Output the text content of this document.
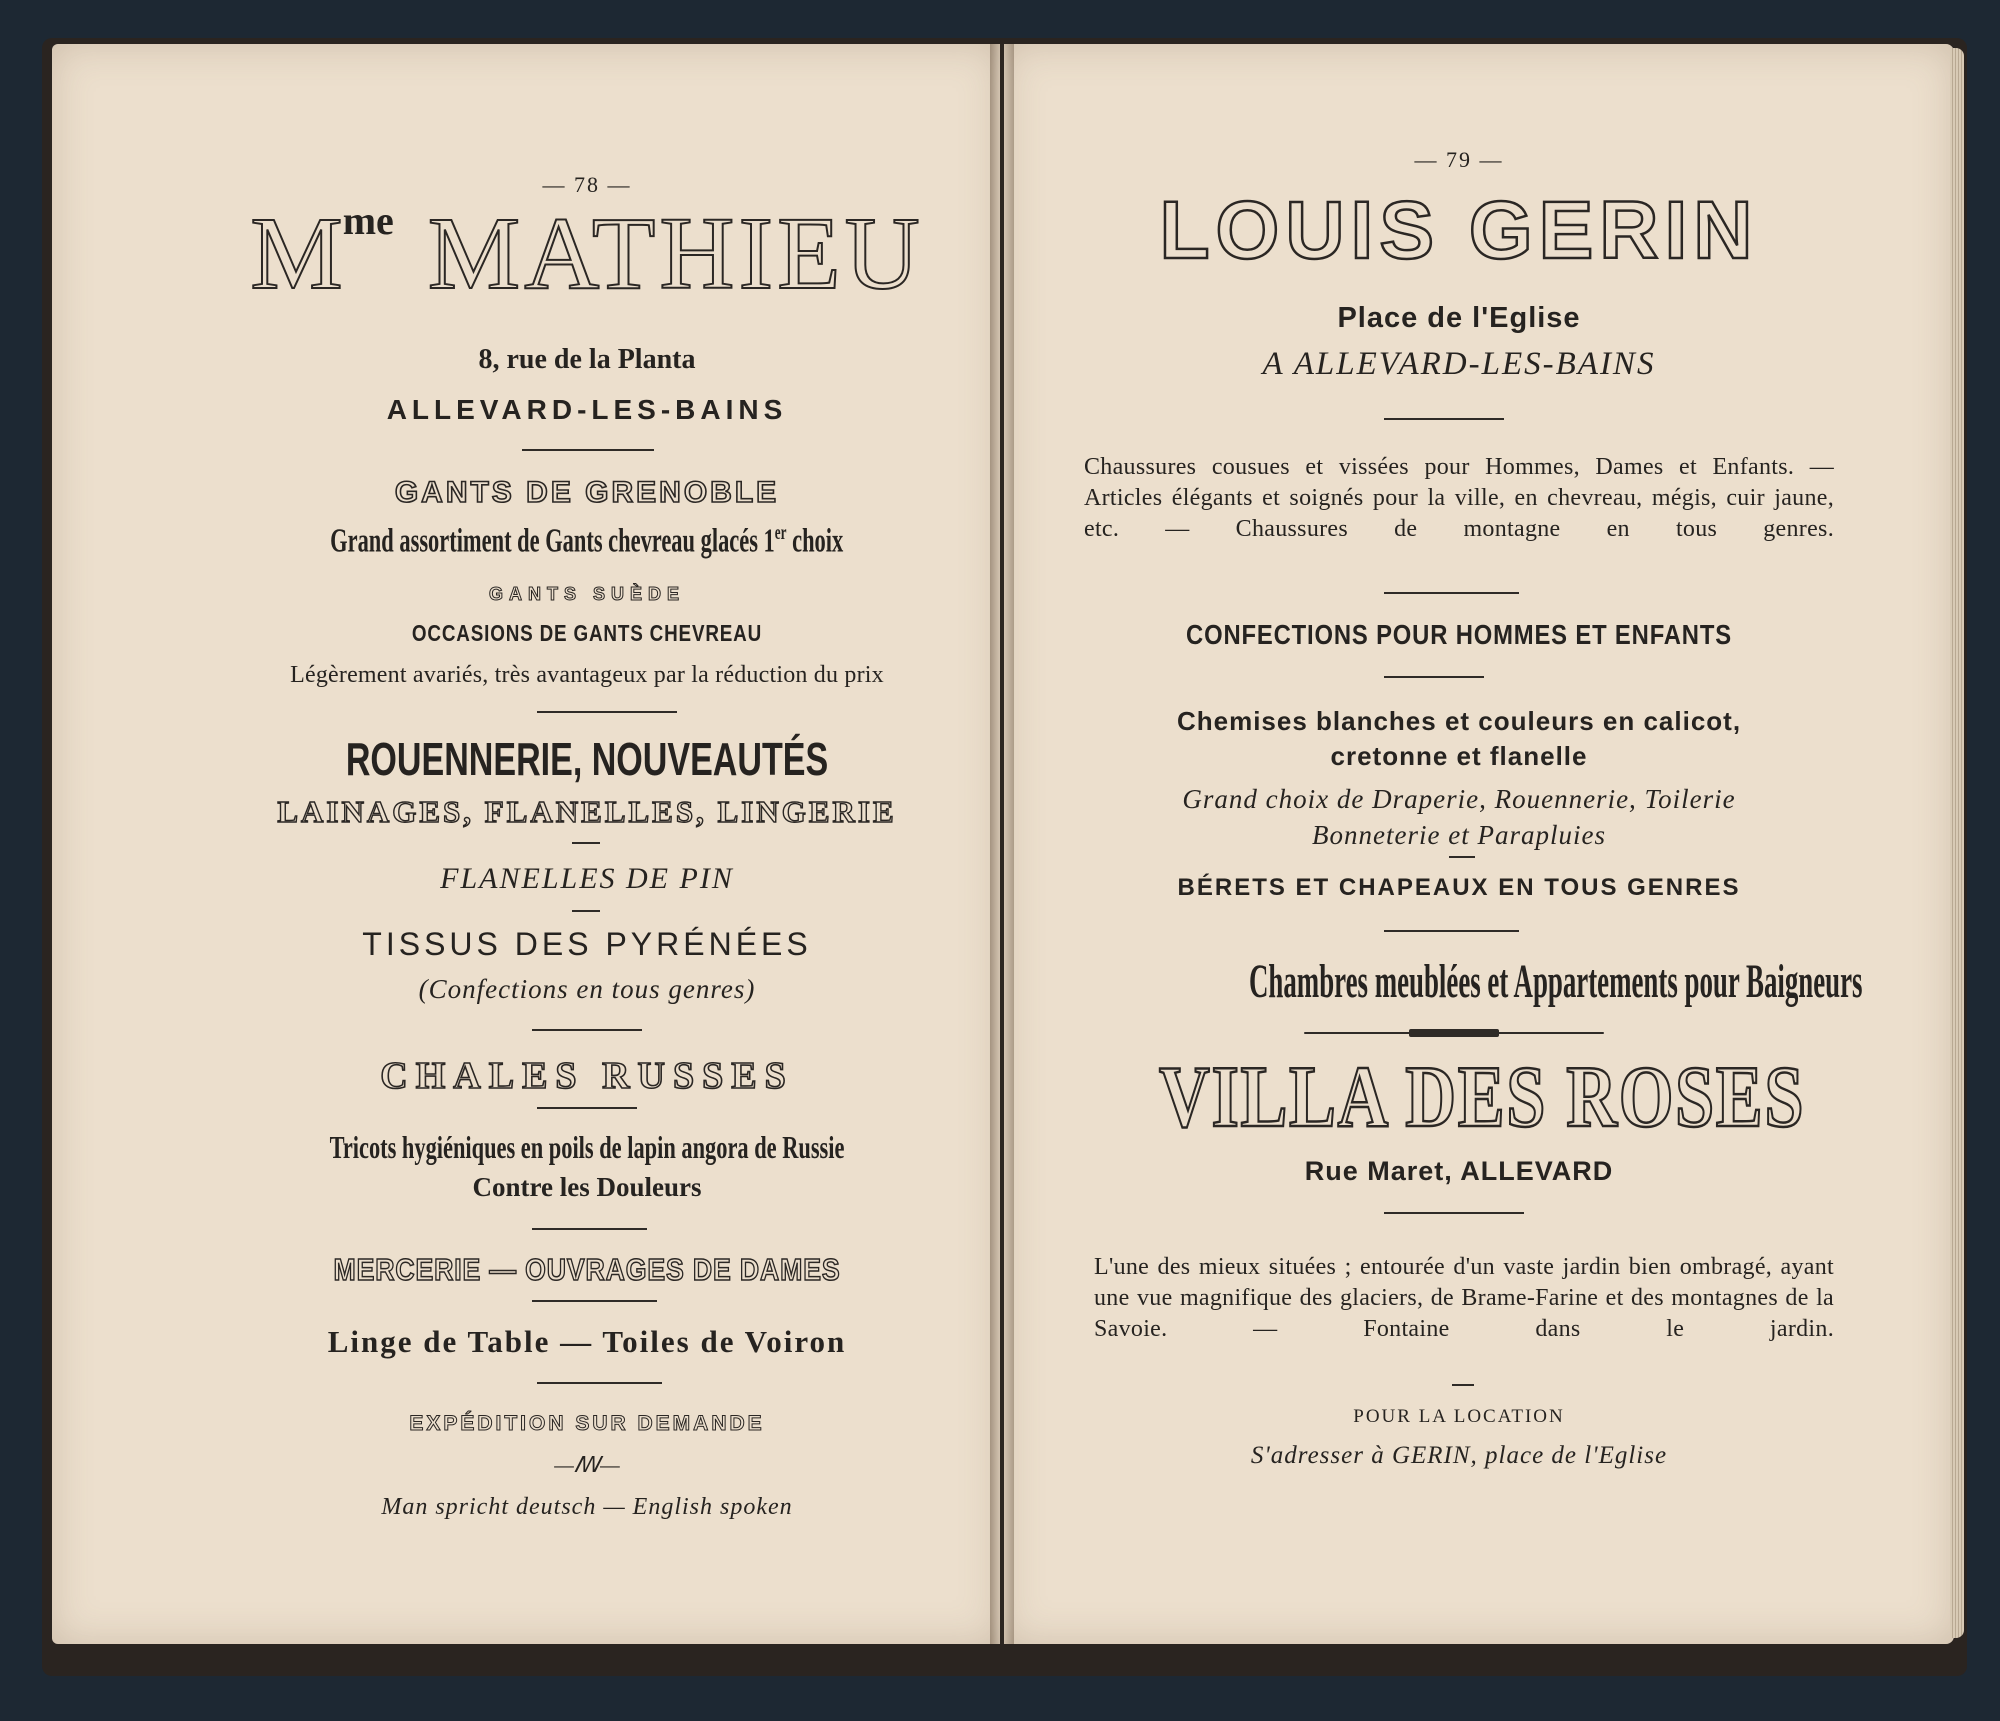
— 78 —
Mme MATHIEU
8, rue de la Planta
ALLEVARD-LES-BAINS
GANTS DE GRENOBLE
Grand assortiment de Gants chevreau glacés 1er choix
GANTS SUÈDE
OCCASIONS DE GANTS CHEVREAU
Légèrement avariés, très avantageux par la réduction du prix
ROUENNERIE, NOUVEAUTÉS
LAINAGES, FLANELLES, LINGERIE
FLANELLES DE PIN
TISSUS DES PYRÉNÉES
(Confections en tous genres)
CHALES RUSSES
Tricots hygiéniques en poils de lapin angora de Russie
Contre les Douleurs
MERCERIE — OUVRAGES DE DAMES
Linge de Table — Toiles de Voiron
EXPÉDITION SUR DEMANDE
—ꟿ—
Man spricht deutsch — English spoken
— 79 —
LOUIS GERIN
Place de l'Eglise
A ALLEVARD-LES-BAINS
Chaussures cousues et vissées pour Hommes, Dames et Enfants. — Articles élégants et soignés pour la ville, en chevreau, mégis, cuir jaune, etc. — Chaussures de montagne en tous genres.
CONFECTIONS POUR HOMMES ET ENFANTS
Chemises blanches et couleurs en calicot,
cretonne et flanelle
Grand choix de Draperie, Rouennerie, Toilerie
Bonneterie et Parapluies
BÉRETS ET CHAPEAUX EN TOUS GENRES
Chambres meublées et Appartements pour Baigneurs
VILLA DES ROSES
Rue Maret, ALLEVARD
L'une des mieux situées ; entourée d'un vaste jardin bien ombragé, ayant une vue magnifique des glaciers, de Brame-Farine et des montagnes de la Savoie. — Fontaine dans le jardin.
POUR LA LOCATION
S'adresser à GERIN, place de l'Eglise
